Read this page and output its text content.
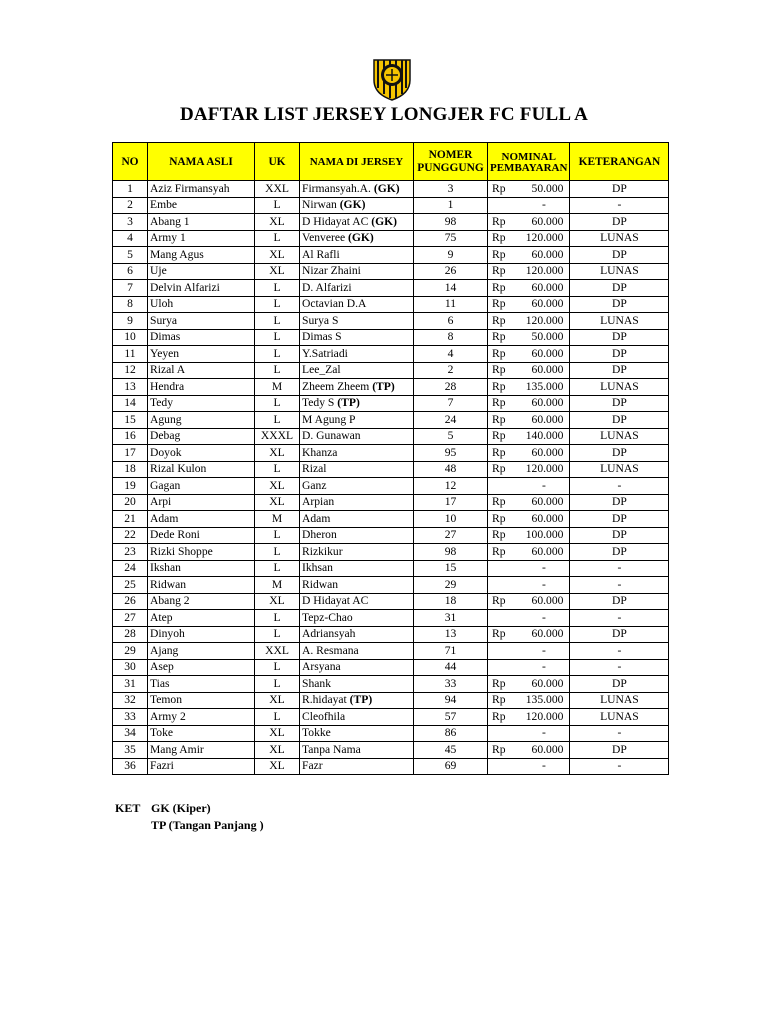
DAFTAR LIST JERSEY LONGJER FC FULL A
NO	NAMA ASLI	UK	NAMA DI JERSEY	NOMER PUNGGUNG	NOMINAL PEMBAYARAN		KETERANGAN
1	Aziz Firmansyah	XXL	Firmansyah.A. (GK)	3	Rp	50.000	DP
2	Embe	L	Nirwan (GK)	1		-	-
3	Abang 1	XL	D Hidayat AC (GK)	98	Rp	60.000	DP
4	Army 1	L	Venveree (GK)	75	Rp	120.000	LUNAS
5	Mang Agus	XL	Al Rafli	9	Rp	60.000	DP
6	Uje	XL	Nizar Zhaini	26	Rp	120.000	LUNAS
7	Delvin Alfarizi	L	D. Alfarizi	14	Rp	60.000	DP
8	Uloh	L	Octavian D.A	11	Rp	60.000	DP
9	Surya	L	Surya S	6	Rp	120.000	LUNAS
10	Dimas	L	Dimas S	8	Rp	50.000	DP
11	Yeyen	L	Y.Satriadi	4	Rp	60.000	DP
12	Rizal A	L	Lee_Zal	2	Rp	60.000	DP
13	Hendra	M	Zheem Zheem (TP)	28	Rp	135.000	LUNAS
14	Tedy	L	Tedy S (TP)	7	Rp	60.000	DP
15	Agung	L	M Agung P	24	Rp	60.000	DP
16	Debag	XXXL	D. Gunawan	5	Rp	140.000	LUNAS
17	Doyok	XL	Khanza	95	Rp	60.000	DP
18	Rizal Kulon	L	Rizal	48	Rp	120.000	LUNAS
19	Gagan	XL	Ganz	12		-	-
20	Arpi	XL	Arpian	17	Rp	60.000	DP
21	Adam	M	Adam	10	Rp	60.000	DP
22	Dede Roni	L	Dheron	27	Rp	100.000	DP
23	Rizki Shoppe	L	Rizkikur	98	Rp	60.000	DP
24	Ikshan	L	Ikhsan	15		-	-
25	Ridwan	M	Ridwan	29		-	-
26	Abang 2	XL	D Hidayat AC	18	Rp	60.000	DP
27	Atep	L	Tepz-Chao	31		-	-
28	Dinyoh	L	Adriansyah	13	Rp	60.000	DP
29	Ajang	XXL	A. Resmana	71		-	-
30	Asep	L	Arsyana	44		-	-
31	Tias	L	Shank	33	Rp	60.000	DP
32	Temon	XL	R.hidayat (TP)	94	Rp	135.000	LUNAS
33	Army 2	L	Cleofhila	57	Rp	120.000	LUNAS
34	Toke	XL	Tokke	86		-	-
35	Mang Amir	XL	Tanpa Nama	45	Rp	60.000	DP
36	Fazri	XL	Fazr	69		-	-
KET GK (Kiper)
TP (Tangan Panjang )
